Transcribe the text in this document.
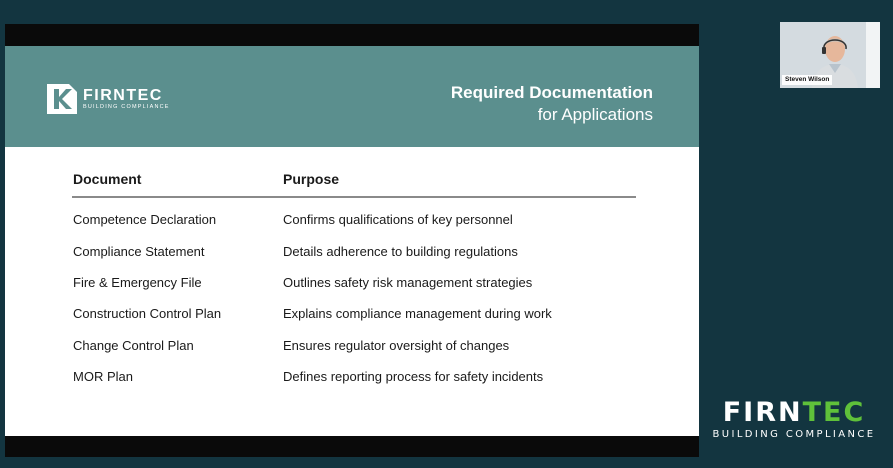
FIRNTEC
BUILDING COMPLIANCE
Required Documentation
for Applications
Document	Purpose
Competence Declaration	Confirms qualifications of key personnel
Compliance Statement	Details adherence to building regulations
Fire & Emergency File	Outlines safety risk management strategies
Construction Control Plan	Explains compliance management during work
Change Control Plan	Ensures regulator oversight of changes
MOR Plan	Defines reporting process for safety incidents
Steven Wilson
FIRNTEC
BUILDING COMPLIANCE
